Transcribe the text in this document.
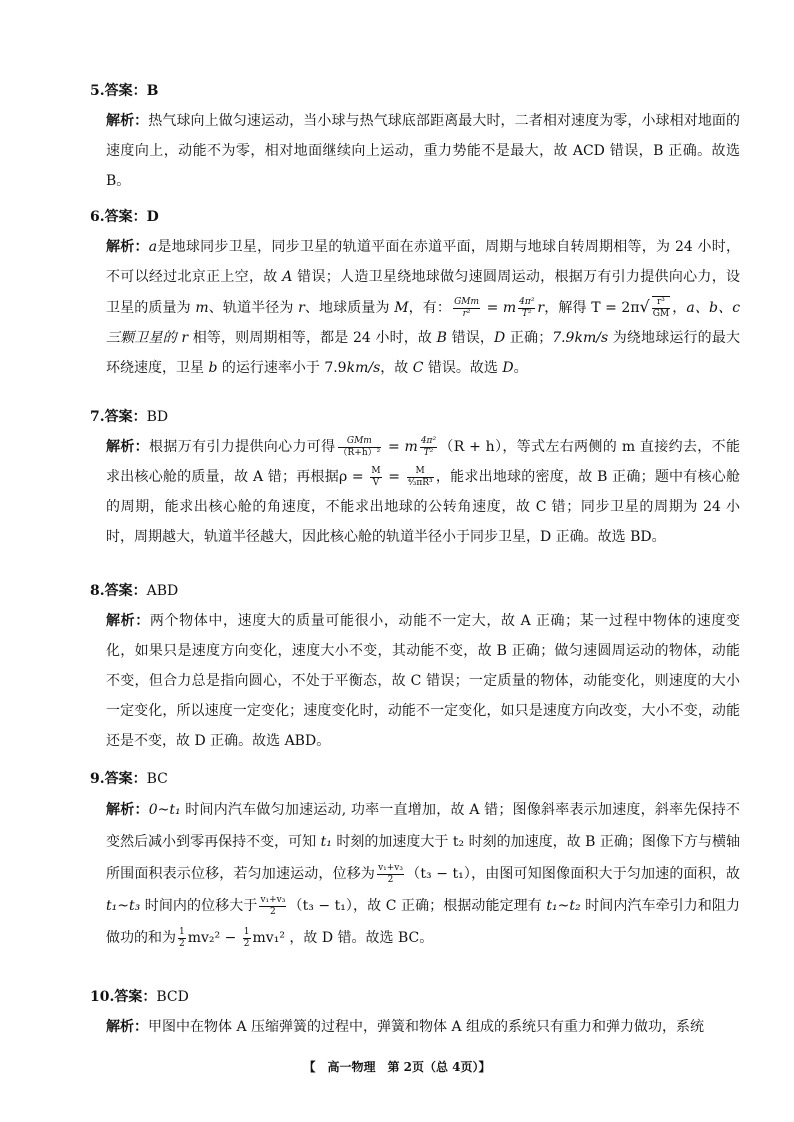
5.答案：B
解析：热气球向上做匀速运动，当小球与热气球底部距离最大时，二者相对速度为零，小球相对地面的速度向上，动能不为零，相对地面继续向上运动，重力势能不是最大，故 ACD 错误，B 正确。故选 B。
6.答案：D
解析：a是地球同步卫星，同步卫星的轨道平面在赤道平面，周期与地球自转周期相等，为 24 小时，不可以经过北京正上空，故 A 错误；人造卫星绕地球做匀速圆周运动，根据万有引力提供向心力，设卫星的质量为 m、轨道半径为 r、地球质量为 M，有： $\frac{\text{GMm}}{\text{r²}} = m \frac{\text{4π²}}{\text{T²}}$ r，解得 $T = 2\pi√ \frac{\text{r³}}{GM}$ ，a、b、c 三颗卫星的 r 相等，则周期相等，都是 24 小时，故 B 错误，D 正确；7.9km/s 为绕地球运行的最大环绕速度，卫星 b 的运行速率小于 7.9km/s，故 C 错误。故选 D。
7.答案：BD
解析：根据万有引力提供向心力可得 $\frac{\text{GMm}}{\text{（R+h）²}} = m \frac{\text{4π²}}{\text{T²}} (R + h)$，等式左右两侧的 m 直接约去，不能求出核心舱的质量，故 A 错；再根据$\rho = \frac{M}{V} = \frac{M}{\text{⁴⁄₃πR³}}$ ，能求出地球的密度，故 B 正确；题中有核心舱的周期，能求出核心舱的角速度，不能求出地球的公转角速度，故 C 错；同步卫星的周期为 24 小时，周期越大，轨道半径越大，因此核心舱的轨道半径小于同步卫星，D 正确。故选 BD。
8.答案：ABD
解析：两个物体中，速度大的质量可能很小，动能不一定大，故 A 正确；某一过程中物体的速度变化，如果只是速度方向变化，速度大小不变，其动能不变，故 B 正确；做匀速圆周运动的物体，动能不变，但合力总是指向圆心，不处于平衡态，故 C 错误；一定质量的物体，动能变化，则速度的大小一定变化，所以速度一定变化；速度变化时，动能不一定变化，如只是速度方向改变，大小不变，动能还是不变，故 D 正确。故选 ABD。
9.答案：BC
解析：0~t₁ 时间内汽车做匀加速运动, 功率一直增加，故 A 错；图像斜率表示加速度，斜率先保持不变然后减小到零再保持不变，可知 t₁ 时刻的加速度大于 t₂ 时刻的加速度，故 B 正确；图像下方与横轴所围面积表示位移，若匀加速运动，位移为 $\frac{\text{v₁+v₃}}{2} (t_3 - t_1)$，由图可知图像面积大于匀加速的面积，故 t₁~t₃ 时间内的位移大于 $\frac{\text{v₁+v₃}}{2} (t_3 - t_1)$，故 C 正确；根据动能定理有 t₁~t₂ 时间内汽车牵引力和阻力做功的和为 $\frac{1}{2} mv_2^2 - \frac{1}{2} mv_1^2$ ，故 D 错。故选 BC。
10.答案：BCD
解析：甲图中在物体 A 压缩弹簧的过程中，弹簧和物体 A 组成的系统只有重力和弹力做功，系统
【　高一物理　第 2页（总 4页）】
